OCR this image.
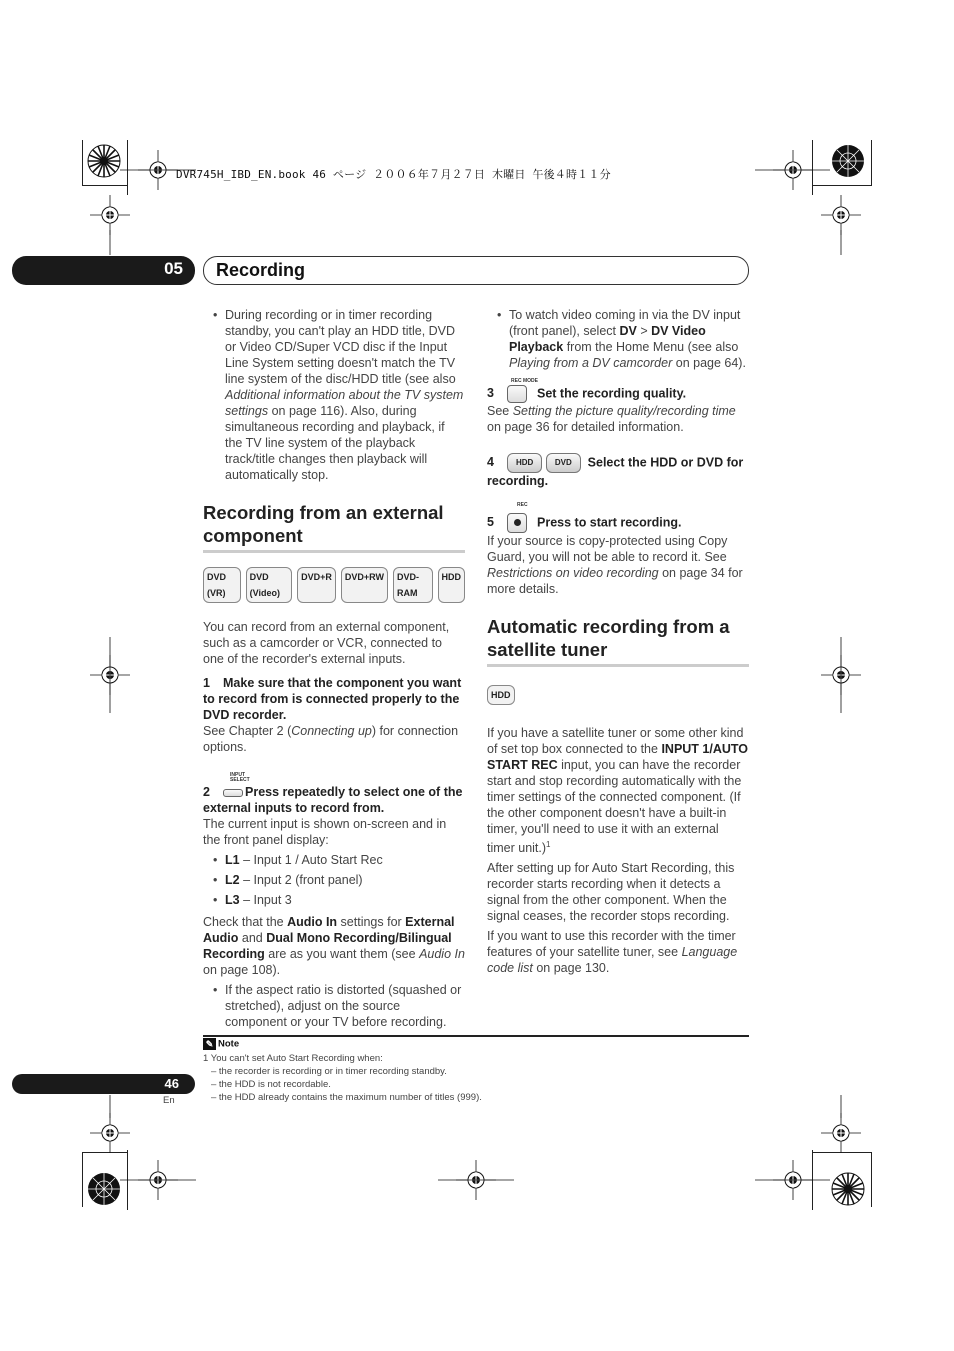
DVR745H_IBD_EN.book 46 ページ ２００６年７月２７日 木曜日 午後４時１１分
05 Recording

• During recording or in timer recording standby, you can't play an HDD title, DVD or Video CD/Super VCD disc if the Input Line System setting doesn't match the TV line system of the disc/HDD title (see also Additional information about the TV system settings on page 116). Also, during simultaneous recording and playback, if the TV line system of the playback track/title changes then playback will automatically stop.

Recording from an external component
DVD (VR)
DVD (Video)
DVD+R	DVD+RW	DVD-RAM
HDD

You can record from an external component, such as a camcorder or VCR, connected to one of the recorder's external inputs.

1 Make sure that the component you want to record from is connected properly to the DVD recorder.

See Chapter 2 (Connecting up) for connection options.

INPUT SELECT

2	Press repeatedly to select one of the external inputs to record from.

The current input is shown on-screen and in the front panel display:

• L1 – Input 1 / Auto Start Rec

• L2 – Input 2 (front panel)

• L3 – Input 3

Check that the Audio In settings for External Audio and Dual Mono Recording/Bilingual Recording are as you want them (see Audio In on page 108).

• If the aspect ratio is distorted (squashed or stretched), adjust on the source component or your TV before recording.

• To watch video coming in via the DV input (front panel), select DV > DV Video Playback from the Home Menu (see also Playing from a DV camcorder on page 64).

REC MODE

3	Set the recording quality.

See Setting the picture quality/recording time on page 36 for detailed information.

4	HDD	DVD Select the HDD or DVD for recording.

REC

5	Press to start recording.

If your source is copy-protected using Copy Guard, you will not be able to record it. See Restrictions on video recording on page 34 for more details.

Automatic recording from a satellite tuner
HDD

If you have a satellite tuner or some other kind of set top box connected to the INPUT 1/AUTO START REC input, you can have the recorder start and stop recording automatically with the timer settings of the connected component. (If the other component doesn't have a built-in timer, you'll need to use it with an external timer unit.)$^1$

After setting up for Auto Start Recording, this recorder starts recording when it detects a signal from the other component. When the signal ceases, the recorder stops recording.

If you want to use this recorder with the timer features of your satellite tuner, see Language code list on page 130.

✎ Note
1 You can't set Auto Start Recording when:
– the recorder is recording or in timer recording standby.
– the HDD is not recordable.
– the HDD already contains the maximum number of titles (999).
46
En
